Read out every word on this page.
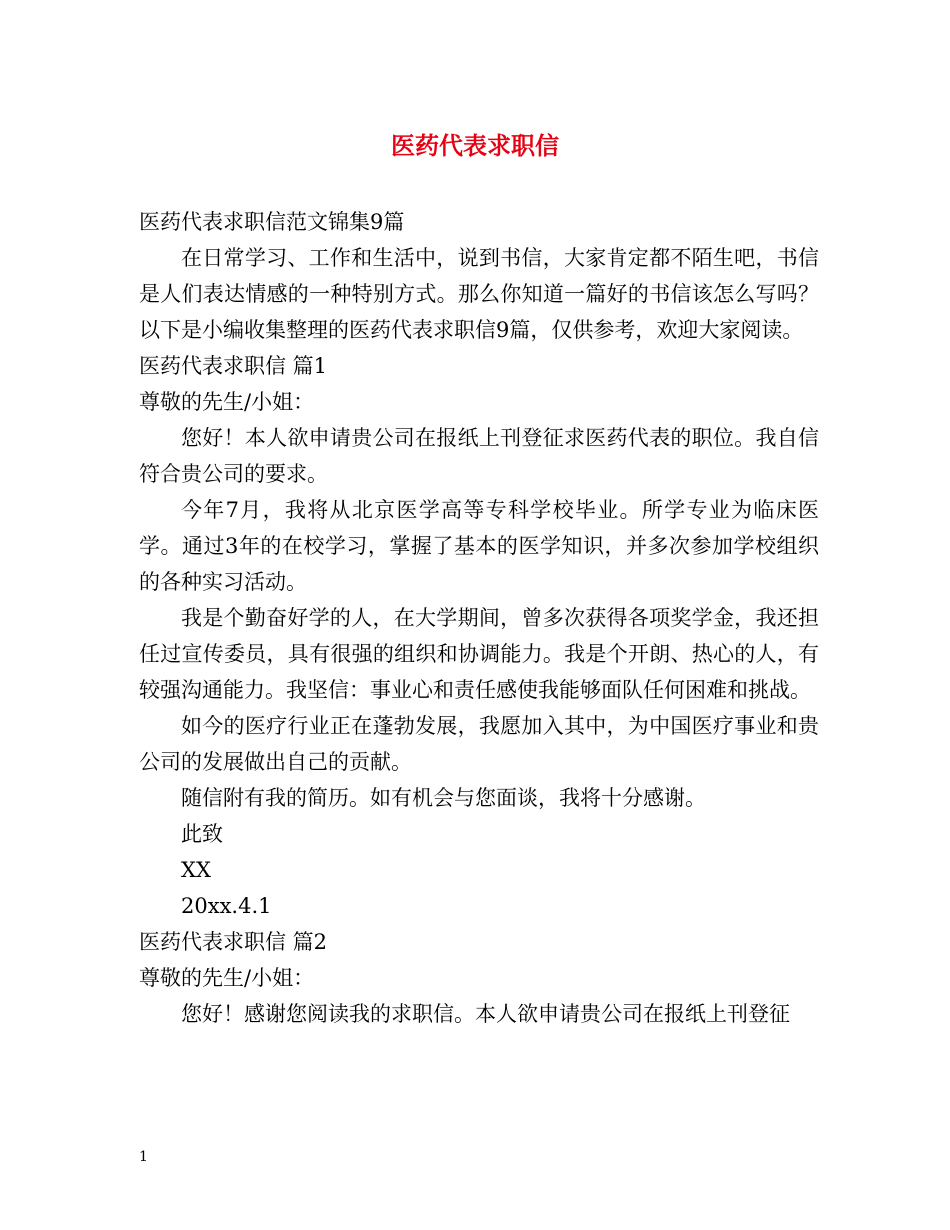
医药代表求职信

医药代表求职信范文锦集9篇

在日常学习、工作和生活中，说到书信，大家肯定都不陌生吧，书信是人们表达情感的一种特别方式。那么你知道一篇好的书信该怎么写吗？以下是小编收集整理的医药代表求职信9篇，仅供参考，欢迎大家阅读。

医药代表求职信 篇1

尊敬的先生/小姐：

您好！本人欲申请贵公司在报纸上刊登征求医药代表的职位。我自信符合贵公司的要求。

今年7月，我将从北京医学高等专科学校毕业。所学专业为临床医学。通过3年的在校学习，掌握了基本的医学知识，并多次参加学校组织的各种实习活动。

我是个勤奋好学的人，在大学期间，曾多次获得各项奖学金，我还担任过宣传委员，具有很强的组织和协调能力。我是个开朗、热心的人，有较强沟通能力。我坚信：事业心和责任感使我能够面队任何困难和挑战。

如今的医疗行业正在蓬勃发展，我愿加入其中，为中国医疗事业和贵公司的发展做出自己的贡献。

随信附有我的简历。如有机会与您面谈，我将十分感谢。

此致

XX

20xx.4.1

医药代表求职信 篇2

尊敬的先生/小姐：

您好！感谢您阅读我的求职信。本人欲申请贵公司在报纸上刊登征

1
